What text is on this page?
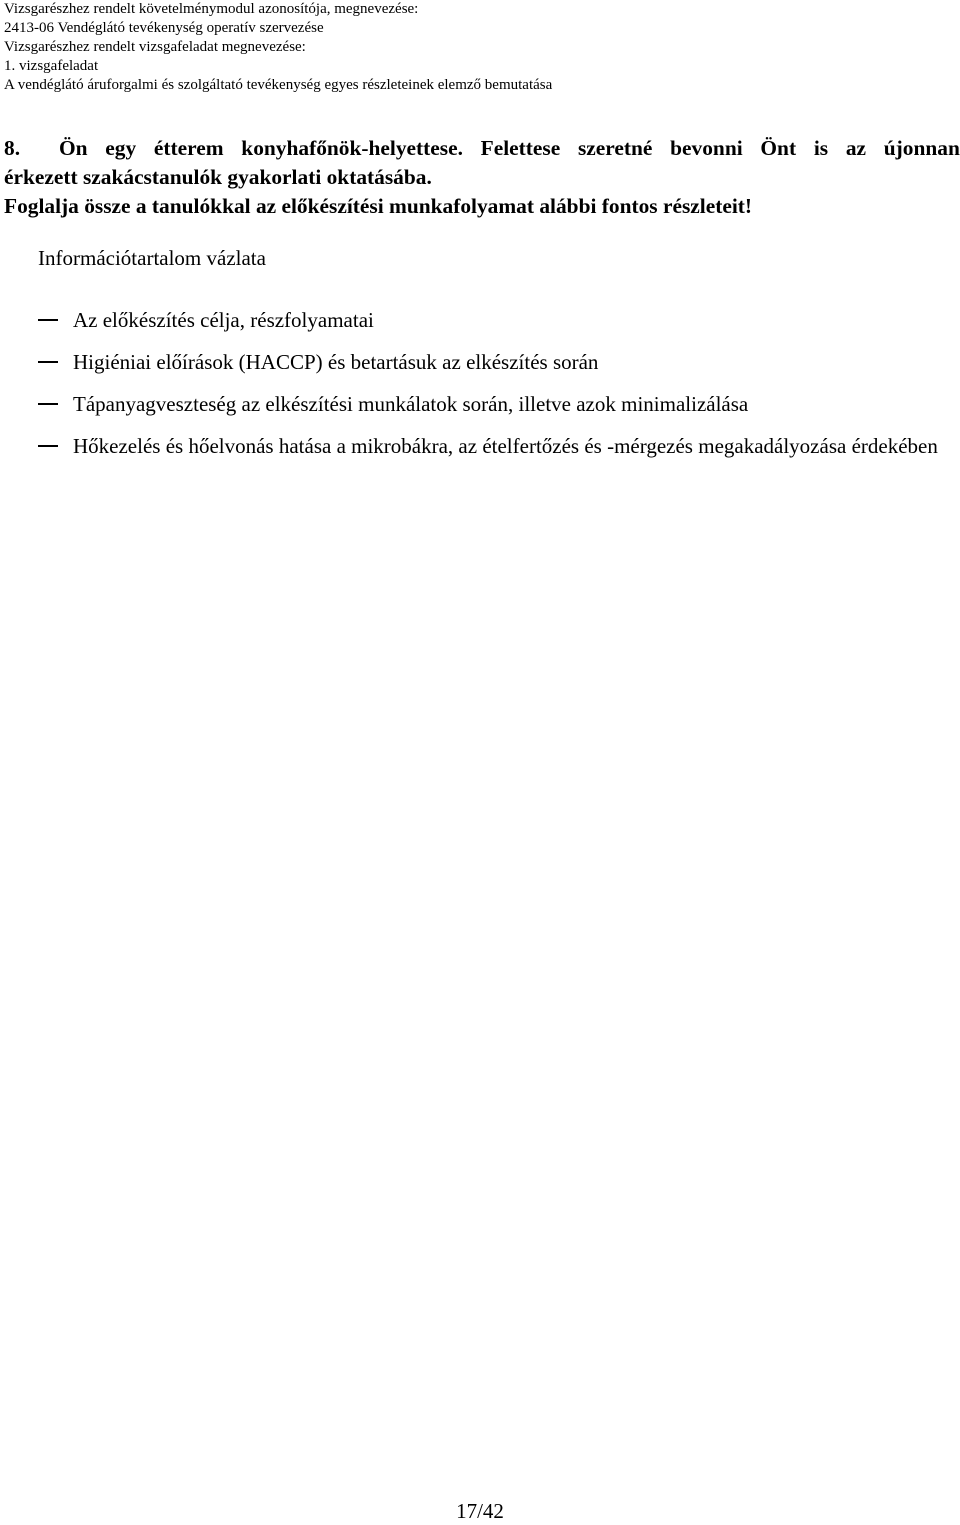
Vizsgarészhez rendelt követelménymodul azonosítója, megnevezése:
2413-06 Vendéglátó tevékenység operatív szervezése
Vizsgarészhez rendelt vizsgafeladat megnevezése:
1. vizsgafeladat
A vendéglátó áruforgalmi és szolgáltató tevékenység egyes részleteinek elemző bemutatása
8.	Ön egy étterem konyhafőnök-helyettese. Felettese szeretné bevonni Önt is az újonnan
érkezett szakácstanulók gyakorlati oktatásába.
Foglalja össze a tanulókkal az előkészítési munkafolyamat alábbi fontos részleteit!
Információtartalom vázlata
Az előkészítés célja, részfolyamatai
Higiéniai előírások (HACCP) és betartásuk az elkészítés során
Tápanyagveszteség az elkészítési munkálatok során, illetve azok minimalizálása
Hőkezelés és hőelvonás hatása a mikrobákra, az ételfertőzés és -mérgezés megakadályozása érdekében
17/42
